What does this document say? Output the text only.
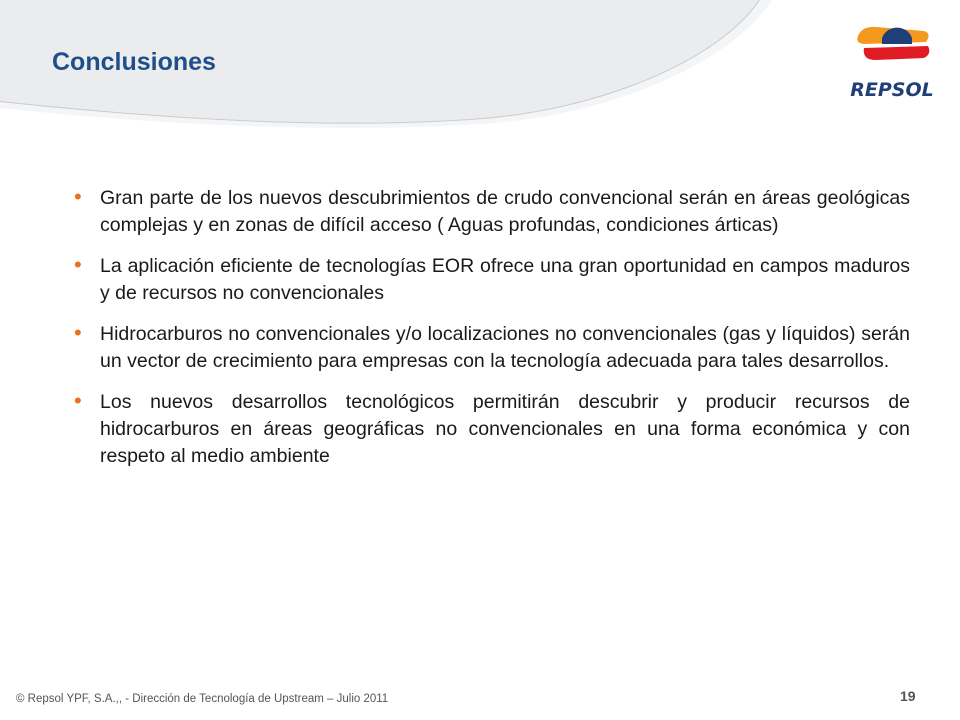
Conclusiones
REPSOL
• Gran parte de los nuevos descubrimientos de crudo convencional serán en áreas geológicas complejas y en zonas de difícil acceso ( Aguas profundas, condiciones árticas)
• La aplicación eficiente de tecnologías EOR ofrece una gran oportunidad en campos maduros y de recursos no convencionales
• Hidrocarburos no convencionales y/o localizaciones no convencionales (gas y líquidos) serán un vector de crecimiento para empresas con la tecnología adecuada para tales desarrollos.
• Los nuevos desarrollos tecnológicos permitirán descubrir y producir recursos de hidrocarburos en áreas geográficas no convencionales en una forma económica y con respeto al medio ambiente
© Repsol YPF, S.A.,, - Dirección de Tecnología de Upstream – Julio 2011	19
